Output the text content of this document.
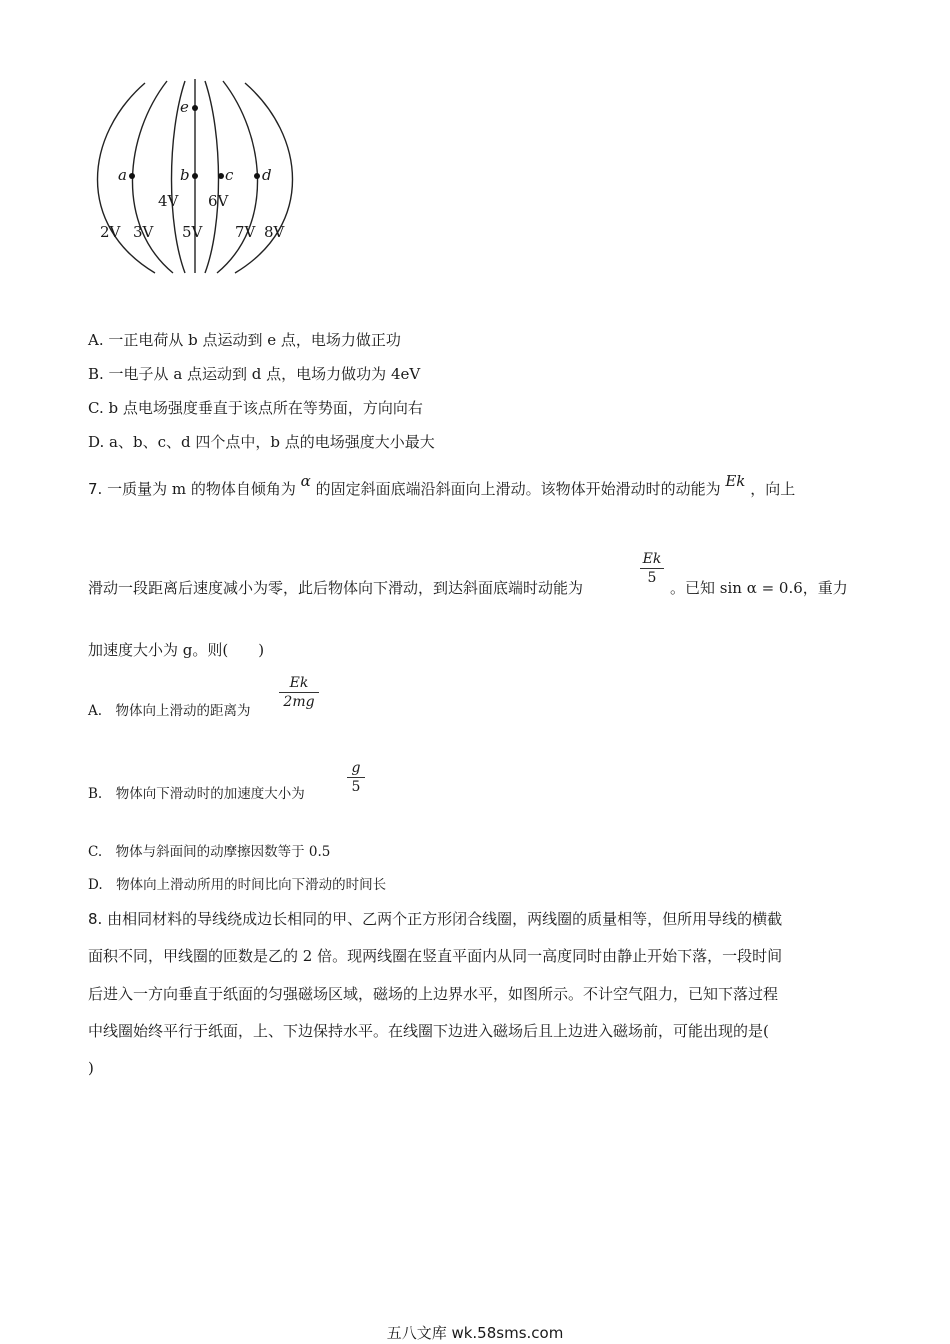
e
a	b c d
4V 6V
2V 3V 5V 7V 8V
A. 一正电荷从 b 点运动到 e 点，电场力做正功
B. 一电子从 a 点运动到 d 点，电场力做功为 4eV
C. b 点电场强度垂直于该点所在等势面，方向向右
D. a、b、c、d 四个点中，b 点的电场强度大小最大
7. 一质量为 m 的物体自倾角为 α 的固定斜面底端沿斜面向上滑动。该物体开始滑动时的动能为 Ek ，向上
滑动一段距离后速度减小为零，此后物体向下滑动，到达斜面底端时动能为
Ek
5
。已知 sin α = 0.6，重力
加速度大小为 g。则(　　)
A.　物体向上滑动的距离为
Ek
2mg
B.　物体向下滑动时的加速度大小为
g
5
C.　物体与斜面间的动摩擦因数等于 0.5
D.　物体向上滑动所用的时间比向下滑动的时间长
8. 由相同材料的导线绕成边长相同的甲、乙两个正方形闭合线圈，两线圈的质量相等，但所用导线的横截
面积不同，甲线圈的匝数是乙的 2 倍。现两线圈在竖直平面内从同一高度同时由静止开始下落，一段时间
后进入一方向垂直于纸面的匀强磁场区域，磁场的上边界水平，如图所示。不计空气阻力，已知下落过程
中线圈始终平行于纸面，上、下边保持水平。在线圈下边进入磁场后且上边进入磁场前，可能出现的是(
)
五八文库 wk.58sms.com
